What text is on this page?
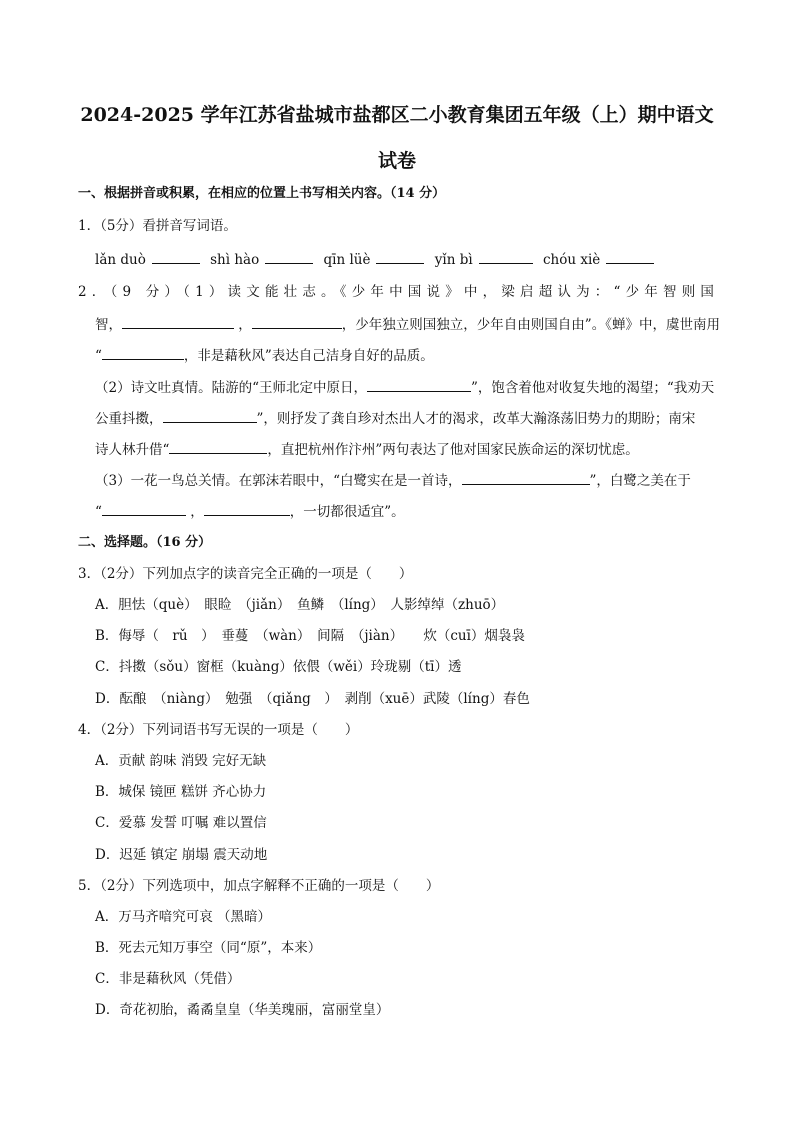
2024-2025 学年江苏省盐城市盐都区二小教育集团五年级（上）期中语文
试卷
一、根据拼音或积累，在相应的位置上书写相关内容。（14 分）
1．（5分）看拼音写词语。
lǎn duò	shì hào	qīn lüè	yǐn bì	chóu xiè
2．（9 分）（1）读文能壮志。《少年中国说》中，梁启超认为：“少年智则国
智，	，	，少年独立则国独立，少年自由则国自由”。《蝉》中，虞世南用
“	，非是藉秋风”表达自己洁身自好的品质。
（2）诗文吐真情。陆游的“王师北定中原日，	”，饱含着他对收复失地的渴望；“我劝天
公重抖擞，	”，则抒发了龚自珍对杰出人才的渴求，改革大瀚涤荡旧势力的期盼；南宋
诗人林升借“	，直把杭州作汴州”两句表达了他对国家民族命运的深切忧虑。
（3）一花一鸟总关情。在郭沫若眼中，“白鹭实在是一首诗，	”，白鹭之美在于
“	，	，一切都很适宜”。
二、选择题。（16 分）
3．（2分）下列加点字的读音完全正确的一项是（　　）
A．胆怯（què）　眼睑　（jiǎn）　鱼鳞　（líng）　人影绰绰（zhuō）
B．侮辱（　rǔ　）　垂蔓　（wàn）　间隔　（jiàn）　　炊（cuī）烟袅袅
C．抖擞（sǒu）窗框（kuàng）依偎（wěi）玲珑剔（tī）透
D．酝酿　（niàng）　勉强　（qiǎng　）　剥削（xuē）武陵（líng）春色
4．（2分）下列词语书写无误的一项是（　　）
A．贡献 韵味 消毁 完好无缺
B．城保 镜匣 糕饼 齐心协力
C．爱慕 发誓 叮嘱 难以置信
D．迟延 镇定 崩塌 震天动地
5．（2分）下列选项中，加点字解释不正确的一项是（　　）
A．万马齐喑究可哀 （黑暗）
B．死去元知万事空（同“原”，本来）
C．非是藉秋风（凭借）
D．奇花初胎，矞矞皇皇（华美瑰丽，富丽堂皇）
